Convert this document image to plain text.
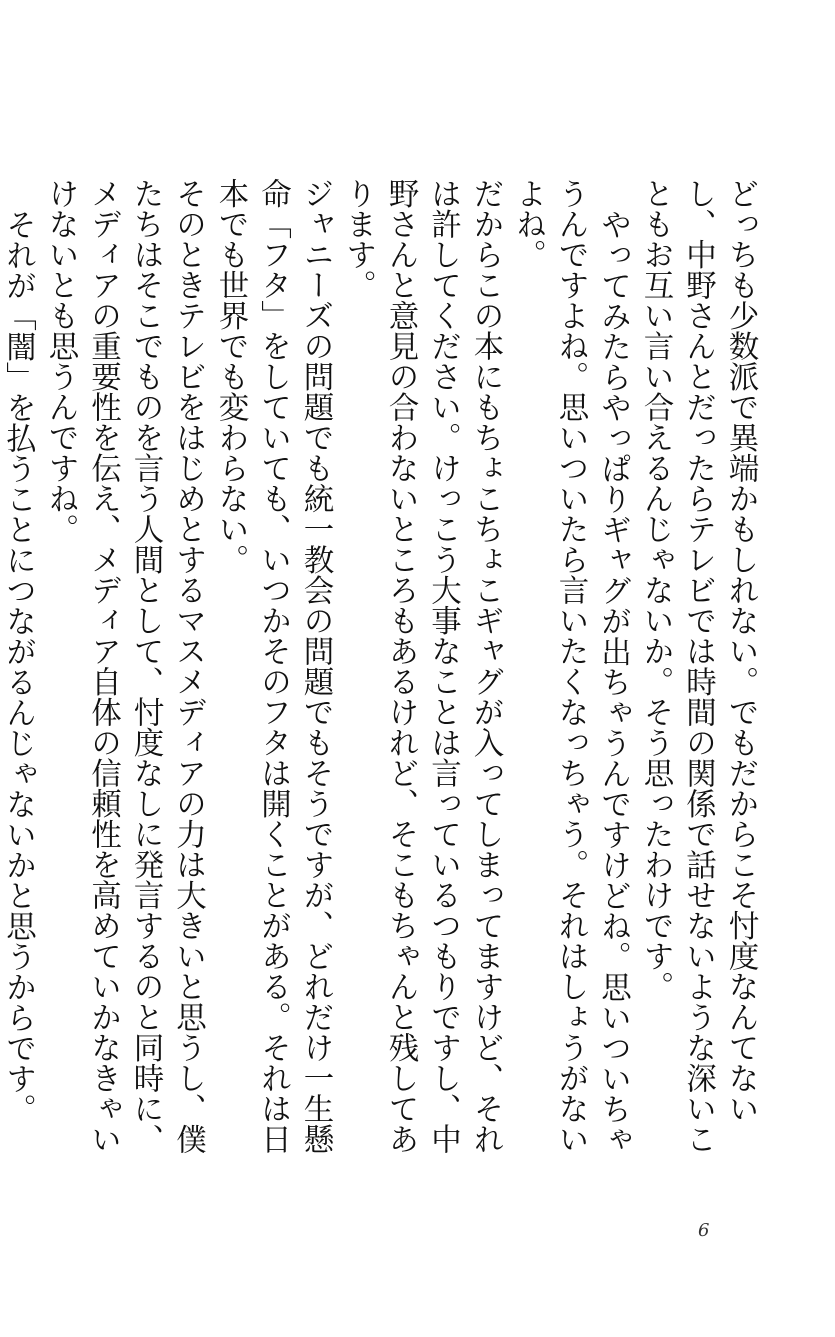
どっちも少数派で異端かもしれない。でもだからこそ忖度なんてないし、中野さんとだったらテレビでは時間の関係で話せないような深いこともお互い言い合えるんじゃないか。そう思ったわけです。

やってみたらやっぱりギャグが出ちゃうんですけどね。思いついちゃうんですよね。思いついたら言いたくなっちゃう。それはしょうがないよね。

だからこの本にもちょこちょこギャグが入ってしまってますけど、それは許してください。けっこう大事なことは言っているつもりですし、中野さんと意見の合わないところもあるけれど、そこもちゃんと残してあります。

ジャニーズの問題でも統一教会の問題でもそうですが、どれだけ一生懸命「フタ」をしていても、いつかそのフタは開くことがある。それは日本でも世界でも変わらない。

そのときテレビをはじめとするマスメディアの力は大きいと思うし、僕たちはそこでものを言う人間として、忖度なしに発言するのと同時に、メディアの重要性を伝え、メディア自体の信頼性を高めていかなきゃいけないとも思うんですね。

それが「闇」を払うことにつながるんじゃないかと思うからです。

6
